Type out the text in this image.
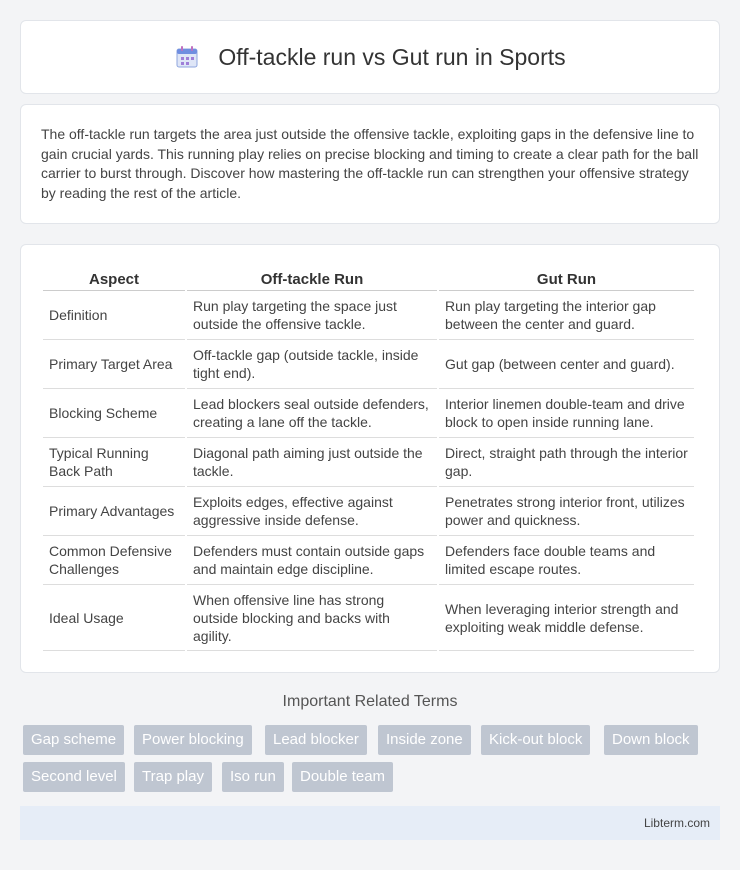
Off-tackle run vs Gut run in Sports

The off-tackle run targets the area just outside the offensive tackle, exploiting gaps in the defensive line to gain crucial yards. This running play relies on precise blocking and timing to create a clear path for the ball carrier to burst through. Discover how mastering the off-tackle run can strengthen your offensive strategy by reading the rest of the article.

Aspect	Off-tackle Run	Gut Run
Definition	Run play targeting the space just outside the offensive tackle.	Run play targeting the interior gap between the center and guard.
Primary Target Area	Off-tackle gap (outside tackle, inside tight end).	Gut gap (between center and guard).
Blocking Scheme	Lead blockers seal outside defenders, creating a lane off the tackle.	Interior linemen double-team and drive block to open inside running lane.
Typical Running Back Path	Diagonal path aiming just outside the tackle.	Direct, straight path through the interior gap.
Primary Advantages	Exploits edges, effective against aggressive inside defense.	Penetrates strong interior front, utilizes power and quickness.
Common Defensive Challenges	Defenders must contain outside gaps and maintain edge discipline.	Defenders face double teams and limited escape routes.
Ideal Usage	When offensive line has strong outside blocking and backs with agility.	When leveraging interior strength and exploiting weak middle defense.
Important Related Terms
Gap scheme	Power blocking	Lead blocker	Inside zone	Kick-out block	Down block
Second level	Trap play	Iso run	Double team
Libterm.com
